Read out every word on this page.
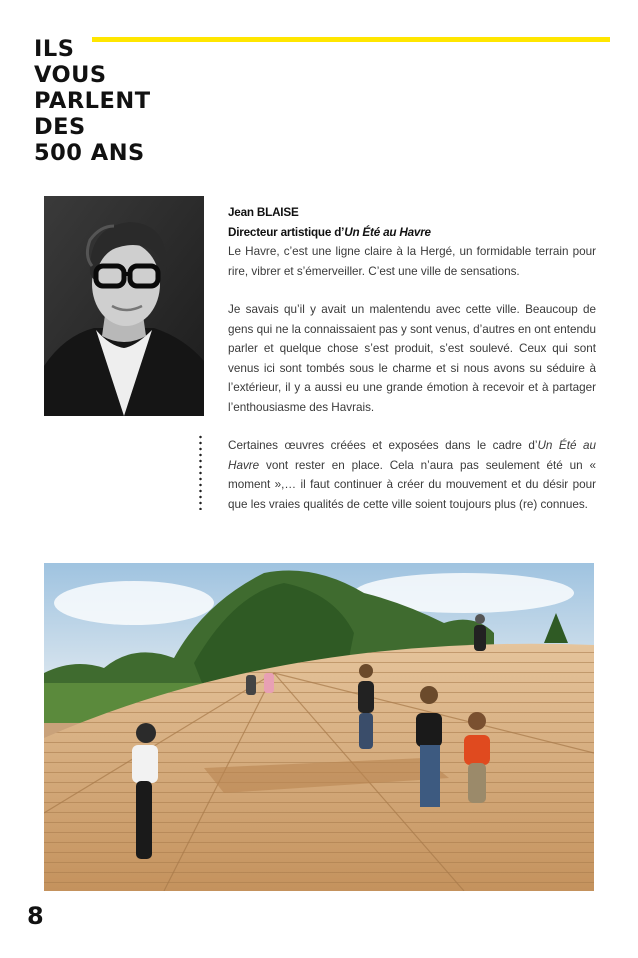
ILS
VOUS
PARLENT
DES
500 ANS
Jean BLAISE
Directeur artistique d’Un Été au Havre

Le Havre, c’est une ligne claire à la Hergé, un formidable terrain pour rire, vibrer et s’émerveiller. C’est une ville de sensations.

Je savais qu’il y avait un malentendu avec cette ville. Beaucoup de gens qui ne la connaissaient pas y sont venus, d’autres en ont entendu parler et quelque chose s’est produit, s’est soulevé. Ceux qui sont venus ici sont tombés sous le charme et si nous avons su séduire à l’extérieur, il y a aussi eu une grande émotion à recevoir et à partager l’enthousiasme des Havrais.

Certaines œuvres créées et exposées dans le cadre d’Un Été au Havre vont rester en place. Cela n’aura pas seulement été un « moment »,… il faut continuer à créer du mouvement et du désir pour que les vraies qualités de cette ville soient toujours plus (re) connues.

8
